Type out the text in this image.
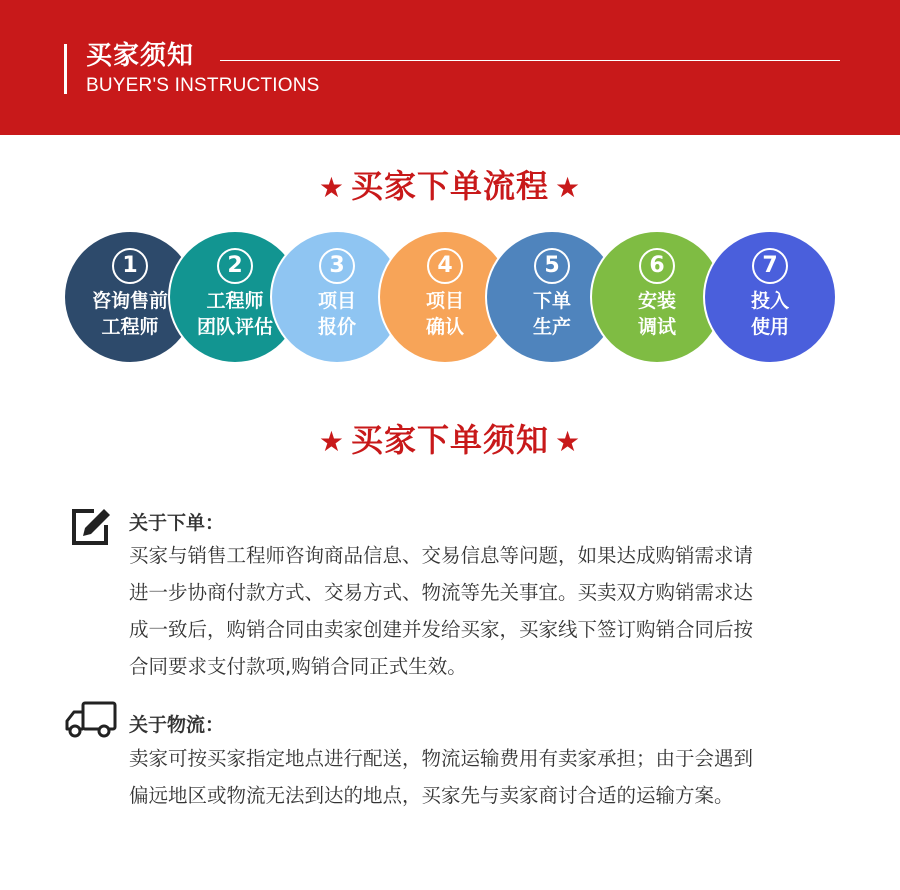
买家须知
BUYER'S INSTRUCTIONS
★ 买家下单流程 ★
1
咨询售前
工程师
2
工程师
团队评估
3
项目
报价
4
项目
确认
5
下单
生产
6
安装
调试
7
投入
使用
★ 买家下单须知 ★
关于下单：
买家与销售工程师咨询商品信息、交易信息等问题，如果达成购销需求请
进一步协商付款方式、交易方式、物流等先关事宜。买卖双方购销需求达
成一致后，购销合同由卖家创建并发给买家，买家线下签订购销合同后按
合同要求支付款项,购销合同正式生效。
关于物流：
卖家可按买家指定地点进行配送，物流运输费用有卖家承担；由于会遇到
偏远地区或物流无法到达的地点，买家先与卖家商讨合适的运输方案。
